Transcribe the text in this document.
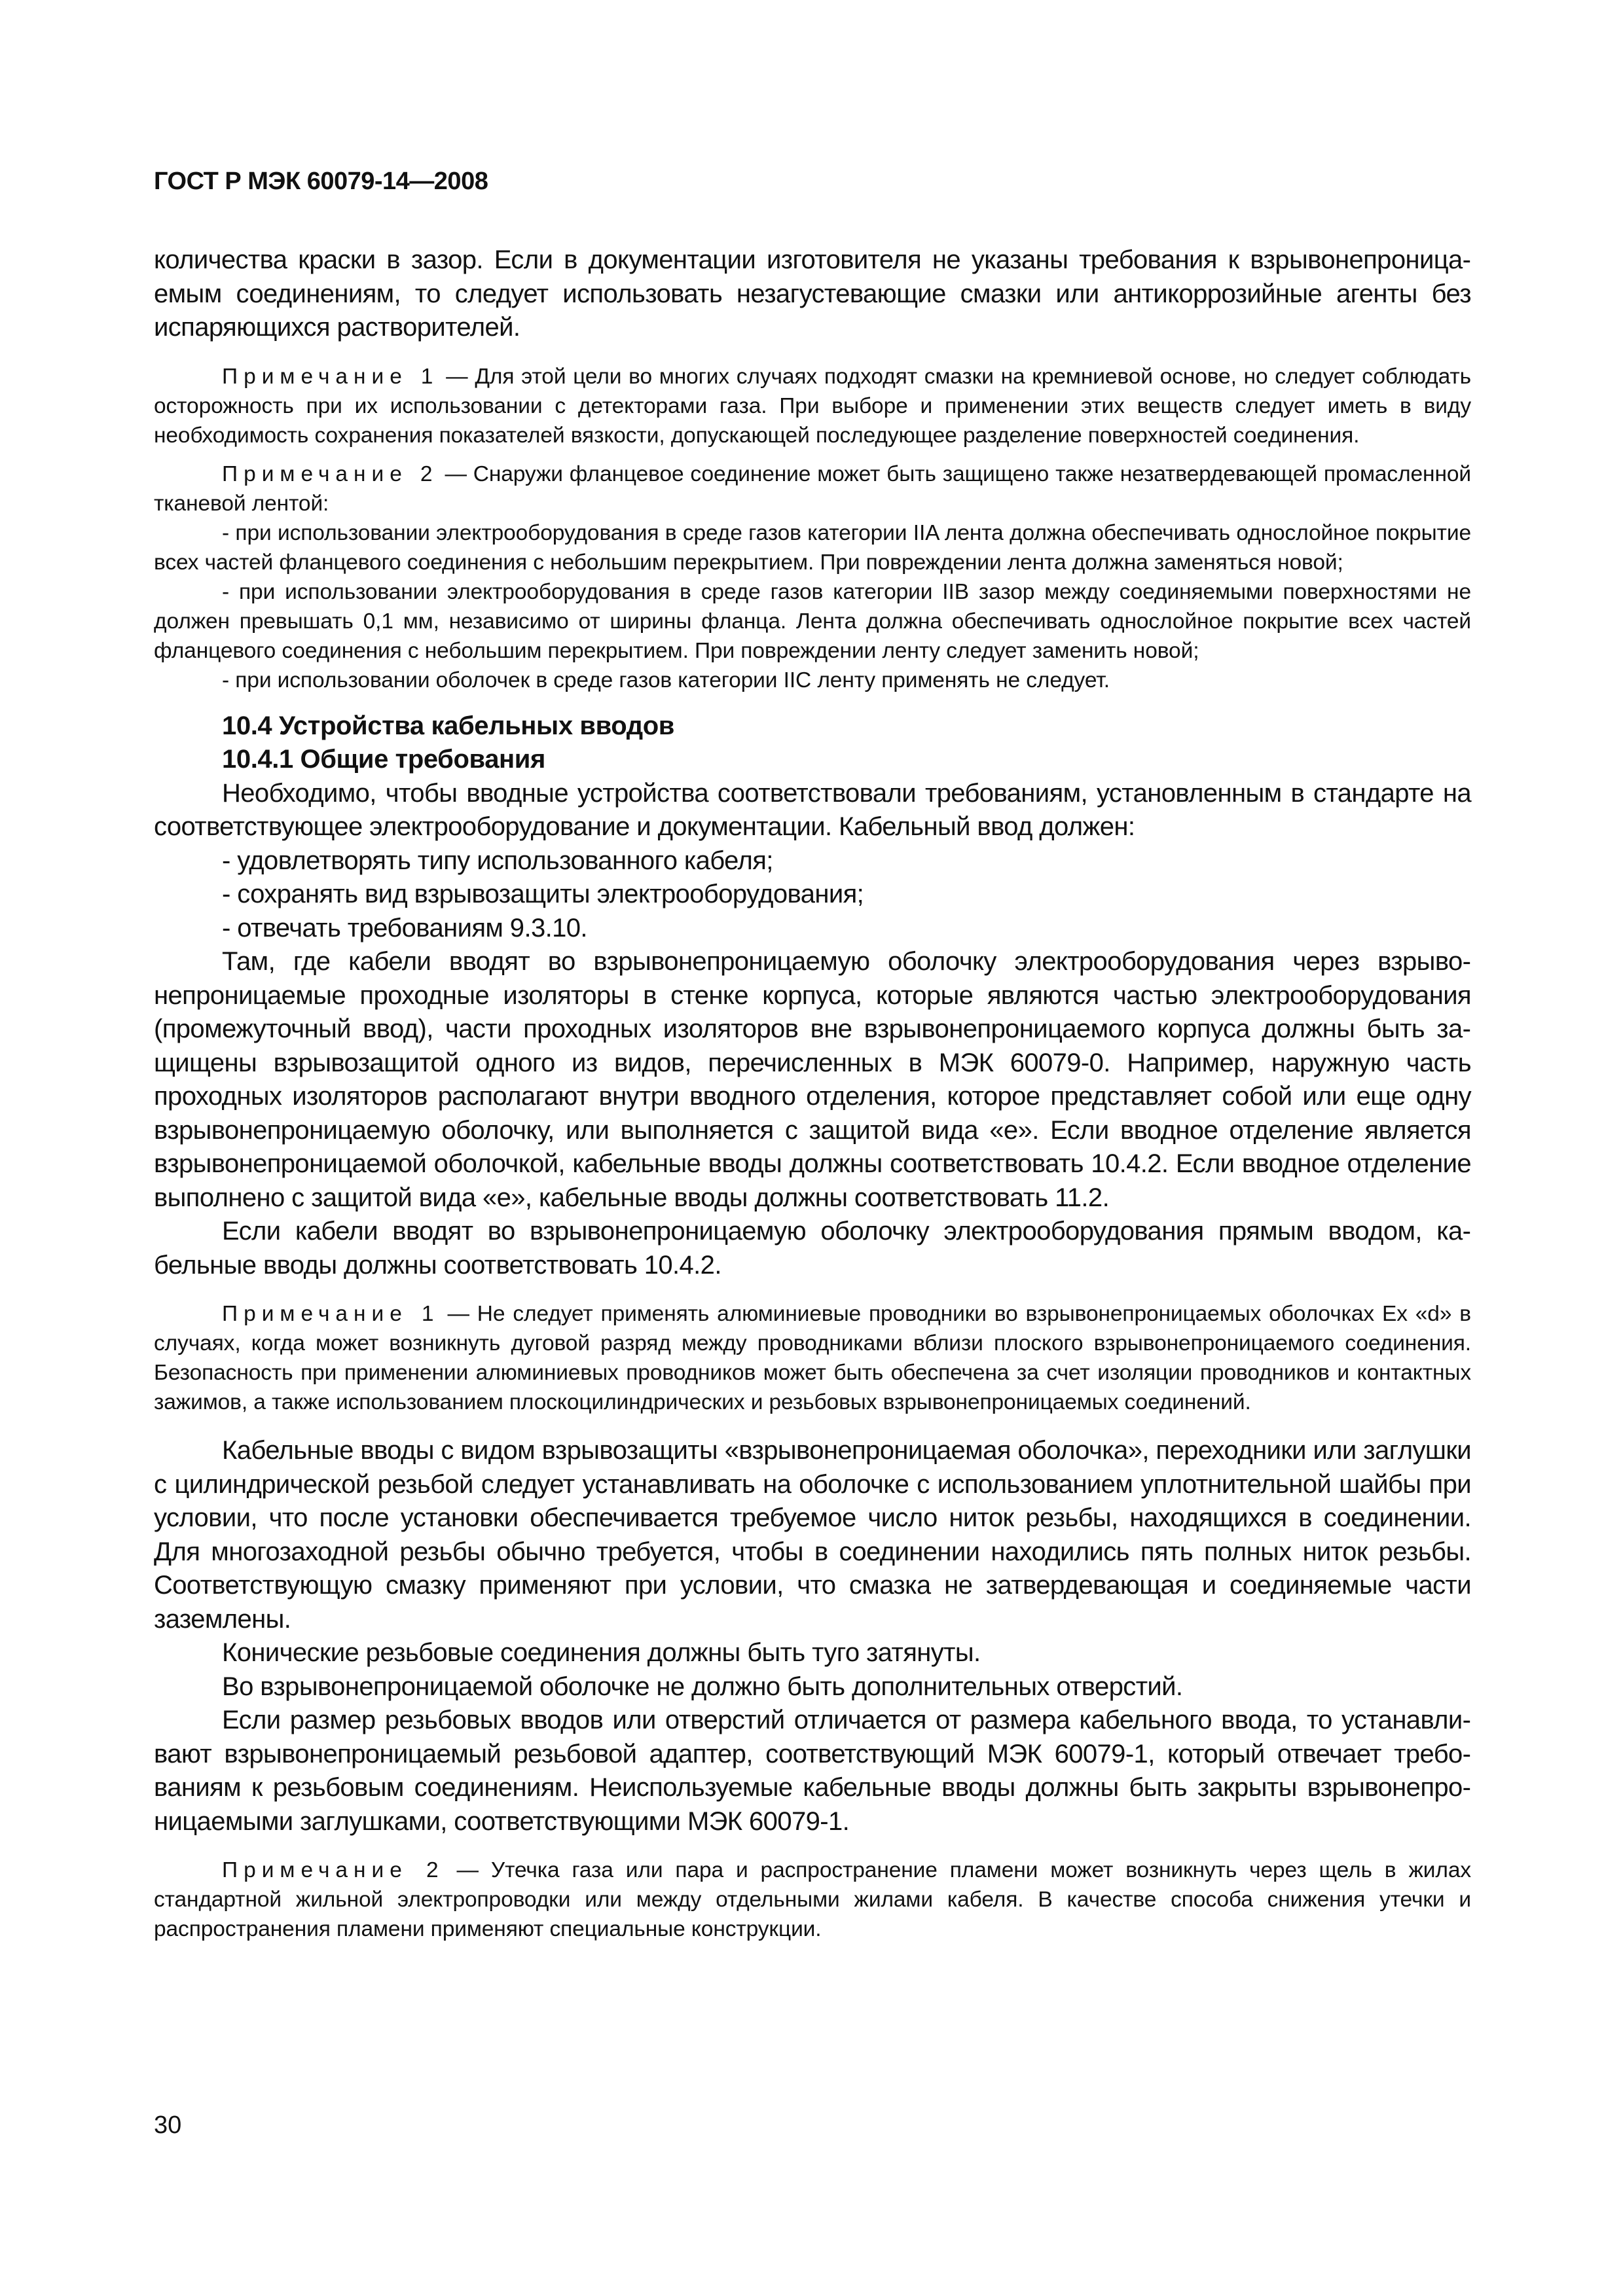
ГОСТ Р МЭК 60079-14—2008

количества краски в зазор. Если в документации изготовителя не указаны требования к взрывонепроницаемым соединениям, то следует использовать незагустевающие смазки или антикоррозийные агенты без испаряющихся растворителей.

Примечание 1 — Для этой цели во многих случаях подходят смазки на кремниевой основе, но следует соблюдать осторожность при их использовании с детекторами газа. При выборе и применении этих веществ следует иметь в виду необходимость сохранения показателей вязкости, допускающей последующее разделение поверхностей соединения.

Примечание 2 — Снаружи фланцевое соединение может быть защищено также незатвердевающей промасленной тканевой лентой:

- при использовании электрооборудования в среде газов категории IIA лента должна обеспечивать однослойное покрытие всех частей фланцевого соединения с небольшим перекрытием. При повреждении лента должна заменяться новой;

- при использовании электрооборудования в среде газов категории IIB зазор между соединяемыми поверхностями не должен превышать 0,1 мм, независимо от ширины фланца. Лента должна обеспечивать однослойное покрытие всех частей фланцевого соединения с небольшим перекрытием. При повреждении ленту следует заменить новой;

- при использовании оболочек в среде газов категории IIC ленту применять не следует.

10.4 Устройства кабельных вводов

10.4.1 Общие требования

Необходимо, чтобы вводные устройства соответствовали требованиям, установленным в стандарте на соответствующее электрооборудование и документации. Кабельный ввод должен:

- удовлетворять типу использованного кабеля;

- сохранять вид взрывозащиты электрооборудования;

- отвечать требованиям 9.3.10.

Там, где кабели вводят во взрывонепроницаемую оболочку электрооборудования через взрывонепроницаемые проходные изоляторы в стенке корпуса, которые являются частью электрооборудования (промежуточный ввод), части проходных изоляторов вне взрывонепроницаемого корпуса должны быть защищены взрывозащитой одного из видов, перечисленных в МЭК 60079-0. Например, наружную часть проходных изоляторов располагают внутри вводного отделения, которое представляет собой или еще одну взрывонепроницаемую оболочку, или выполняется с защитой вида «е». Если вводное отделение является взрывонепроницаемой оболочкой, кабельные вводы должны соответствовать 10.4.2. Если вводное отделение выполнено с защитой вида «е», кабельные вводы должны соответствовать 11.2.

Если кабели вводят во взрывонепроницаемую оболочку электрооборудования прямым вводом, кабельные вводы должны соответствовать 10.4.2.

Примечание 1 — Не следует применять алюминиевые проводники во взрывонепроницаемых оболочках Ех «d» в случаях, когда может возникнуть дуговой разряд между проводниками вблизи плоского взрывонепроницаемого соединения. Безопасность при применении алюминиевых проводников может быть обеспечена за счет изоляции проводников и контактных зажимов, а также использованием плоскоцилиндрических и резьбовых взрывонепроницаемых соединений.

Кабельные вводы с видом взрывозащиты «взрывонепроницаемая оболочка», переходники или заглушки с цилиндрической резьбой следует устанавливать на оболочке с использованием уплотнительной шайбы при условии, что после установки обеспечивается требуемое число ниток резьбы, находящихся в соединении. Для многозаходной резьбы обычно требуется, чтобы в соединении находились пять полных ниток резьбы. Соответствующую смазку применяют при условии, что смазка не затвердевающая и соединяемые части заземлены.

Конические резьбовые соединения должны быть туго затянуты.

Во взрывонепроницаемой оболочке не должно быть дополнительных отверстий.

Если размер резьбовых вводов или отверстий отличается от размера кабельного ввода, то устанавливают взрывонепроницаемый резьбовой адаптер, соответствующий МЭК 60079-1, который отвечает требованиям к резьбовым соединениям. Неиспользуемые кабельные вводы должны быть закрыты взрывонепроницаемыми заглушками, соответствующими МЭК 60079-1.

Примечание 2 — Утечка газа или пара и распространение пламени может возникнуть через щель в жилах стандартной жильной электропроводки или между отдельными жилами кабеля. В качестве способа снижения утечки и распространения пламени применяют специальные конструкции.

30
